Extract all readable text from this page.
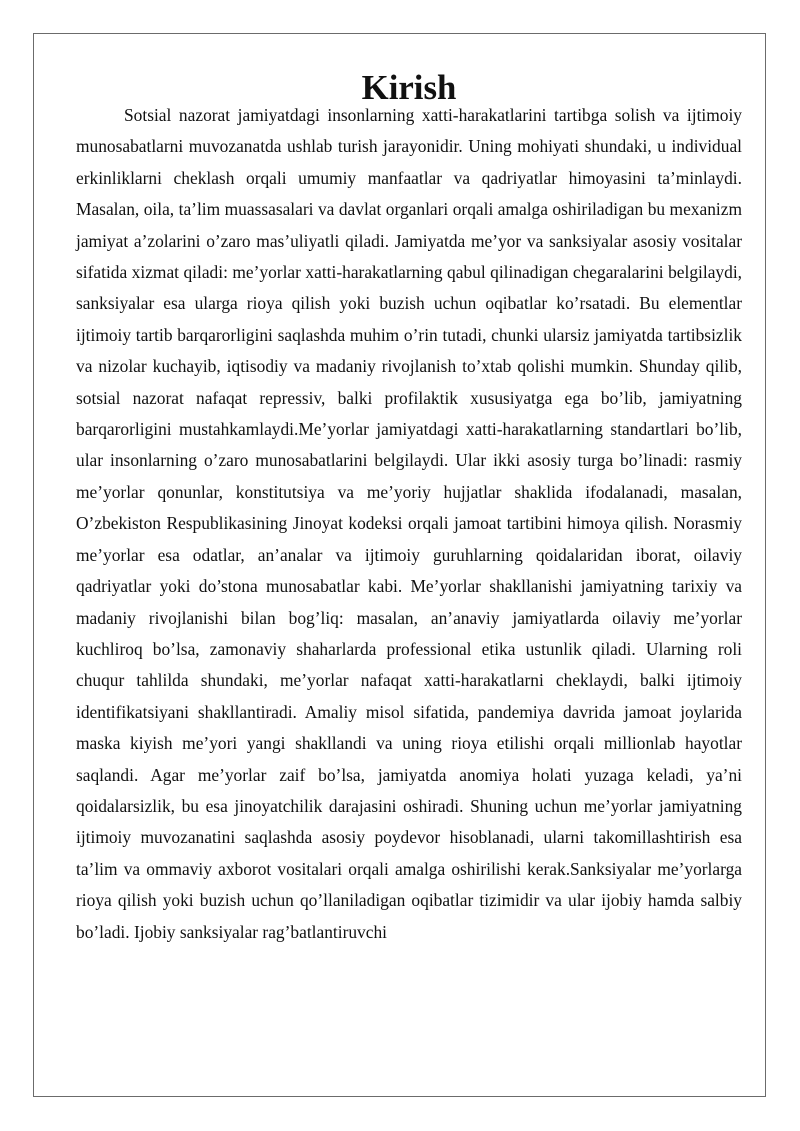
Kirish

Sotsial nazorat jamiyatdagi insonlarning xatti-harakatlarini tartibga solish va ijtimoiy munosabatlarni muvozanatda ushlab turish jarayonidir. Uning mohiyati shundaki, u individual erkinliklarni cheklash orqali umumiy manfaatlar va qadriyatlar himoyasini ta’minlaydi. Masalan, oila, ta’lim muassasalari va davlat organlari orqali amalga oshiriladigan bu mexanizm jamiyat a’zolarini o’zaro mas’uliyatli qiladi. Jamiyatda me’yor va sanksiyalar asosiy vositalar sifatida xizmat qiladi: me’yorlar xatti-harakatlarning qabul qilinadigan chegaralarini belgilaydi, sanksiyalar esa ularga rioya qilish yoki buzish uchun oqibatlar ko’rsatadi. Bu elementlar ijtimoiy tartib barqarorligini saqlashda muhim o’rin tutadi, chunki ularsiz jamiyatda tartibsizlik va nizolar kuchayib, iqtisodiy va madaniy rivojlanish to’xtab qolishi mumkin. Shunday qilib, sotsial nazorat nafaqat repressiv, balki profilaktik xususiyatga ega bo’lib, jamiyatning barqarorligini mustahkamlaydi.Me’yorlar jamiyatdagi xatti-harakatlarning standartlari bo’lib, ular insonlarning o’zaro munosabatlarini belgilaydi. Ular ikki asosiy turga bo’linadi: rasmiy me’yorlar qonunlar, konstitutsiya va me’yoriy hujjatlar shaklida ifodalanadi, masalan, O’zbekiston Respublikasining Jinoyat kodeksi orqali jamoat tartibini himoya qilish. Norasmiy me’yorlar esa odatlar, an’analar va ijtimoiy guruhlarning qoidalaridan iborat, oilaviy qadriyatlar yoki do’stona munosabatlar kabi. Me’yorlar shakllanishi jamiyatning tarixiy va madaniy rivojlanishi bilan bog’liq: masalan, an’anaviy jamiyatlarda oilaviy me’yorlar kuchliroq bo’lsa, zamonaviy shaharlarda professional etika ustunlik qiladi. Ularning roli chuqur tahlilda shundaki, me’yorlar nafaqat xatti-harakatlarni cheklaydi, balki ijtimoiy identifikatsiyani shakllantiradi. Amaliy misol sifatida, pandemiya davrida jamoat joylarida maska kiyish me’yori yangi shakllandi va uning rioya etilishi orqali millionlab hayotlar saqlandi. Agar me’yorlar zaif bo’lsa, jamiyatda anomiya holati yuzaga keladi, ya’ni qoidalarsizlik, bu esa jinoyatchilik darajasini oshiradi. Shuning uchun me’yorlar jamiyatning ijtimoiy muvozanatini saqlashda asosiy poydevor hisoblanadi, ularni takomillashtirish esa ta’lim va ommaviy axborot vositalari orqali amalga oshirilishi kerak.Sanksiyalar me’yorlarga rioya qilish yoki buzish uchun qo’llaniladigan oqibatlar tizimidir va ular ijobiy hamda salbiy bo’ladi. Ijobiy sanksiyalar rag’batlantiruvchi
